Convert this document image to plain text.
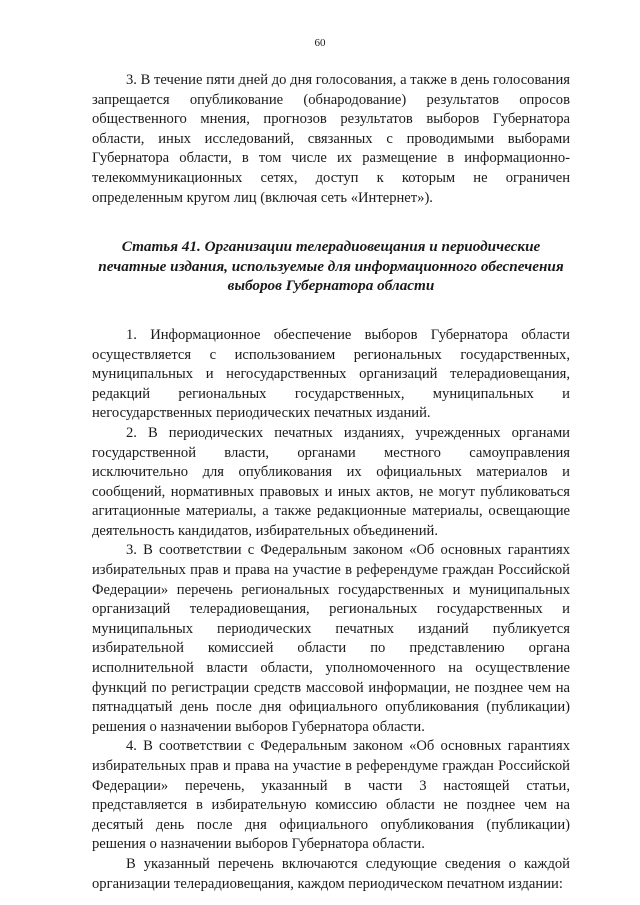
60

3. В течение пяти дней до дня голосования, а также в день голосования запрещается опубликование (обнародование) результатов опросов общественного мнения, прогнозов результатов выборов Губернатора области, иных исследований, связанных с проводимыми выборами Губернатора области, в том числе их размещение в информационно-телекоммуникационных сетях, доступ к которым не ограничен определенным кругом лиц (включая сеть «Интернет»).

Статья 41. Организации телерадиовещания и периодические печатные издания, используемые для информационного обеспечения выборов Губернатора области

1. Информационное обеспечение выборов Губернатора области осуществляется с использованием региональных государственных, муниципальных и негосударственных организаций телерадиовещания, редакций региональных государственных, муниципальных и негосударственных периодических печатных изданий.

2. В периодических печатных изданиях, учрежденных органами государственной власти, органами местного самоуправления исключительно для опубликования их официальных материалов и сообщений, нормативных правовых и иных актов, не могут публиковаться агитационные материалы, а также редакционные материалы, освещающие деятельность кандидатов, избирательных объединений.

3. В соответствии с Федеральным законом «Об основных гарантиях избирательных прав и права на участие в референдуме граждан Российской Федерации» перечень региональных государственных и муниципальных организаций телерадиовещания, региональных государственных и муниципальных периодических печатных изданий публикуется избирательной комиссией области по представлению органа исполнительной власти области, уполномоченного на осуществление функций по регистрации средств массовой информации, не позднее чем на пятнадцатый день после дня официального опубликования (публикации) решения о назначении выборов Губернатора области.

4. В соответствии с Федеральным законом «Об основных гарантиях избирательных прав и права на участие в референдуме граждан Российской Федерации» перечень, указанный в части 3 настоящей статьи, представляется в избирательную комиссию области не позднее чем на десятый день после дня официального опубликования (публикации) решения о назначении выборов Губернатора области.

В указанный перечень включаются следующие сведения о каждой организации телерадиовещания, каждом периодическом печатном издании:
